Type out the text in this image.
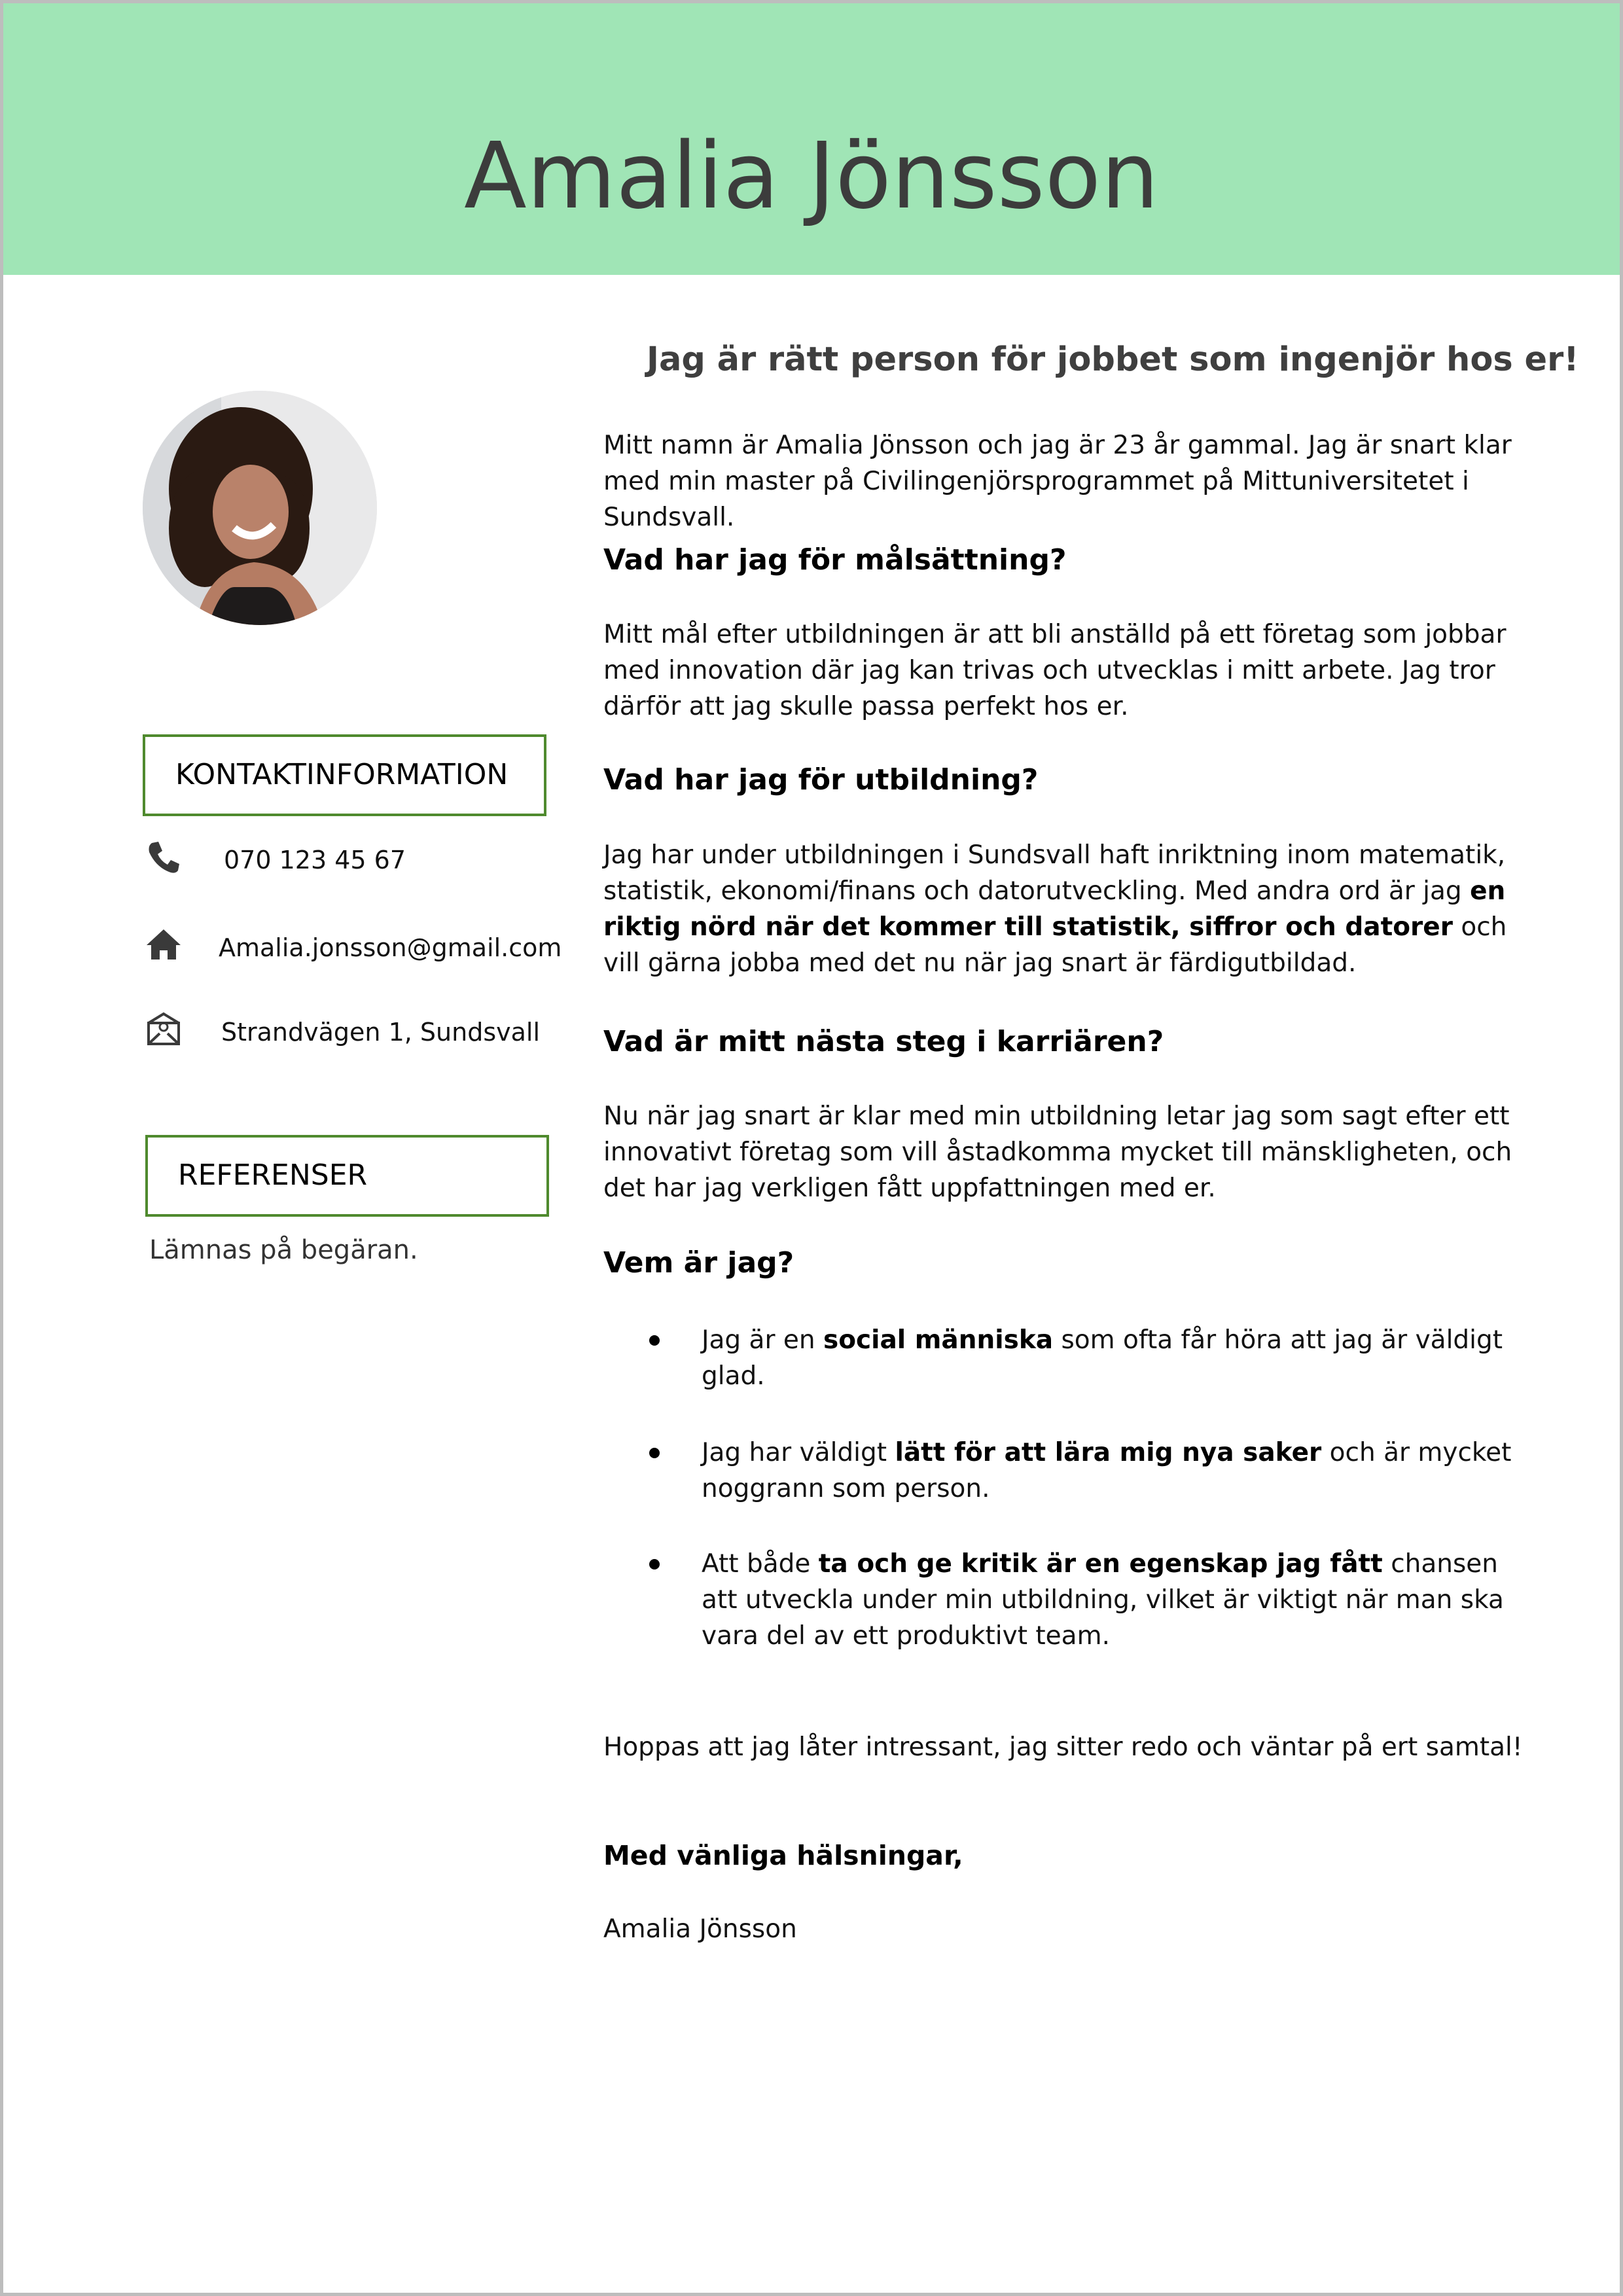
Amalia Jönsson
KONTAKTINFORMATION
070 123 45 67
Amalia.jonsson@gmail.com
Strandvägen 1, Sundsvall
REFERENSER
Lämnas på begäran.
Jag är rätt person för jobbet som ingenjör hos er!
Mitt namn är Amalia Jönsson och jag är 23 år gammal. Jag är snart klar med min master på Civilingenjörsprogrammet på Mittuniversitetet i Sundsvall.
Vad har jag för målsättning?
Mitt mål efter utbildningen är att bli anställd på ett företag som jobbar med innovation där jag kan trivas och utvecklas i mitt arbete. Jag tror därför att jag skulle passa perfekt hos er.
Vad har jag för utbildning?
Jag har under utbildningen i Sundsvall haft inriktning inom matematik, statistik, ekonomi/finans och datorutveckling. Med andra ord är jag en riktig nörd när det kommer till statistik, siffror och datorer och vill gärna jobba med det nu när jag snart är färdigutbildad.
Vad är mitt nästa steg i karriären?
Nu när jag snart är klar med min utbildning letar jag som sagt efter ett innovativt företag som vill åstadkomma mycket till mänskligheten, och det har jag verkligen fått uppfattningen med er.
Vem är jag?
Jag är en social människa som ofta får höra att jag är väldigt glad.
Jag har väldigt lätt för att lära mig nya saker och är mycket noggrann som person.
Att både ta och ge kritik är en egenskap jag fått chansen att utveckla under min utbildning, vilket är viktigt när man ska vara del av ett produktivt team.
Hoppas att jag låter intressant, jag sitter redo och väntar på ert samtal!
Med vänliga hälsningar,
Amalia Jönsson
